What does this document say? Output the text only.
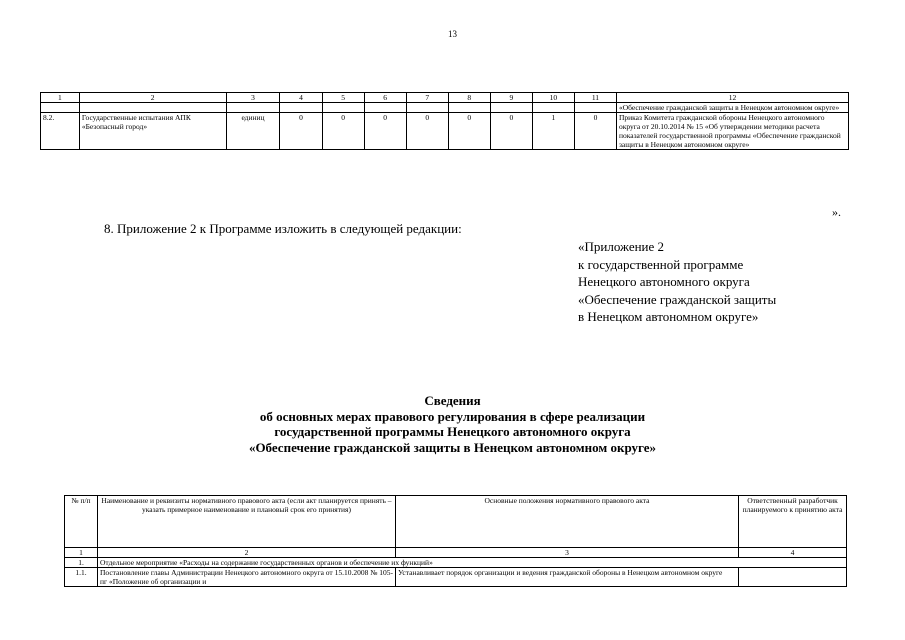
13
1	2	3	4	5	6	7	8	9	10	11	12
											«Обеспечение гражданской защиты в Ненецком автономном округе»
8.2.	Государственные испытания АПК «Безопасный город»	единиц	0	0	0	0	0	0	1	0	Приказ Комитета гражданской обороны Ненецкого автономного округа от 20.10.2014 № 15 «Об утверждении методики расчета показателей государственной программы «Обеспечение гражданской защиты в Ненецком автономном округе»
».
8. Приложение 2 к Программе изложить в следующей редакции:
«Приложение 2
к государственной программе
Ненецкого автономного округа
«Обеспечение гражданской защиты
в Ненецком автономном округе»
Сведения
об основных мерах правового регулирования в сфере реализации
государственной программы Ненецкого автономного округа
«Обеспечение гражданской защиты в Ненецком автономном округе»
№ п/п	Наименование и реквизиты нормативного правового акта (если акт планируется принять – указать примерное наименование и плановый срок его принятия)	Основные положения нормативного правового акта	Ответственный разработчик планируемого к принятию акта
1	2	3	4
1.	Отдельное мероприятие «Расходы на содержание государственных органов и обеспечение их функций»		
1.1.	Постановление главы Администрации Ненецкого автономного округа от 15.10.2008 № 105-пг «Положение об организации и	Устанавливает порядок организации и ведения гражданской обороны в Ненецком автономном округе	
